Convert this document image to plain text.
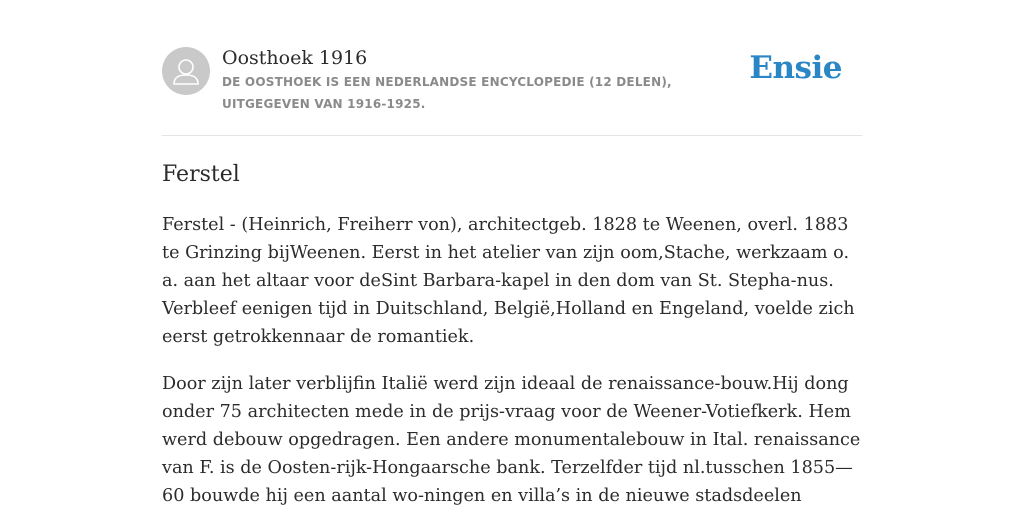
Oosthoek 1916

DE OOSTHOEK IS EEN NEDERLANDSE ENCYCLOPEDIE (12 DELEN), UITGEGEVEN VAN 1916-1925.

Ensie
Ferstel

Ferstel - (Heinrich, Freiherr von), architectgeb. 1828 te Weenen, overl. 1883 te Grinzing bijWeenen. Eerst in het atelier van zijn oom,Stache, werkzaam o. a. aan het altaar voor deSint Barbara-kapel in den dom van St. Stepha-nus. Verbleef eenigen tijd in Duitschland, België,Holland en Engeland, voelde zich eerst getrokkennaar de romantiek.

Door zijn later verblijfin Italië werd zijn ideaal de renaissance-bouw.Hij dong onder 75 architecten mede in de prijs-vraag voor de Weener-Votiefkerk. Hem werd debouw opgedragen. Een andere monumentalebouw in Ital. renaissance van F. is de Oosten-rijk-Hongaarsche bank. Terzelfder tijd nl.tusschen 1855—60 bouwde hij een aantal wo-ningen en villa’s in de nieuwe stadsdeelen
